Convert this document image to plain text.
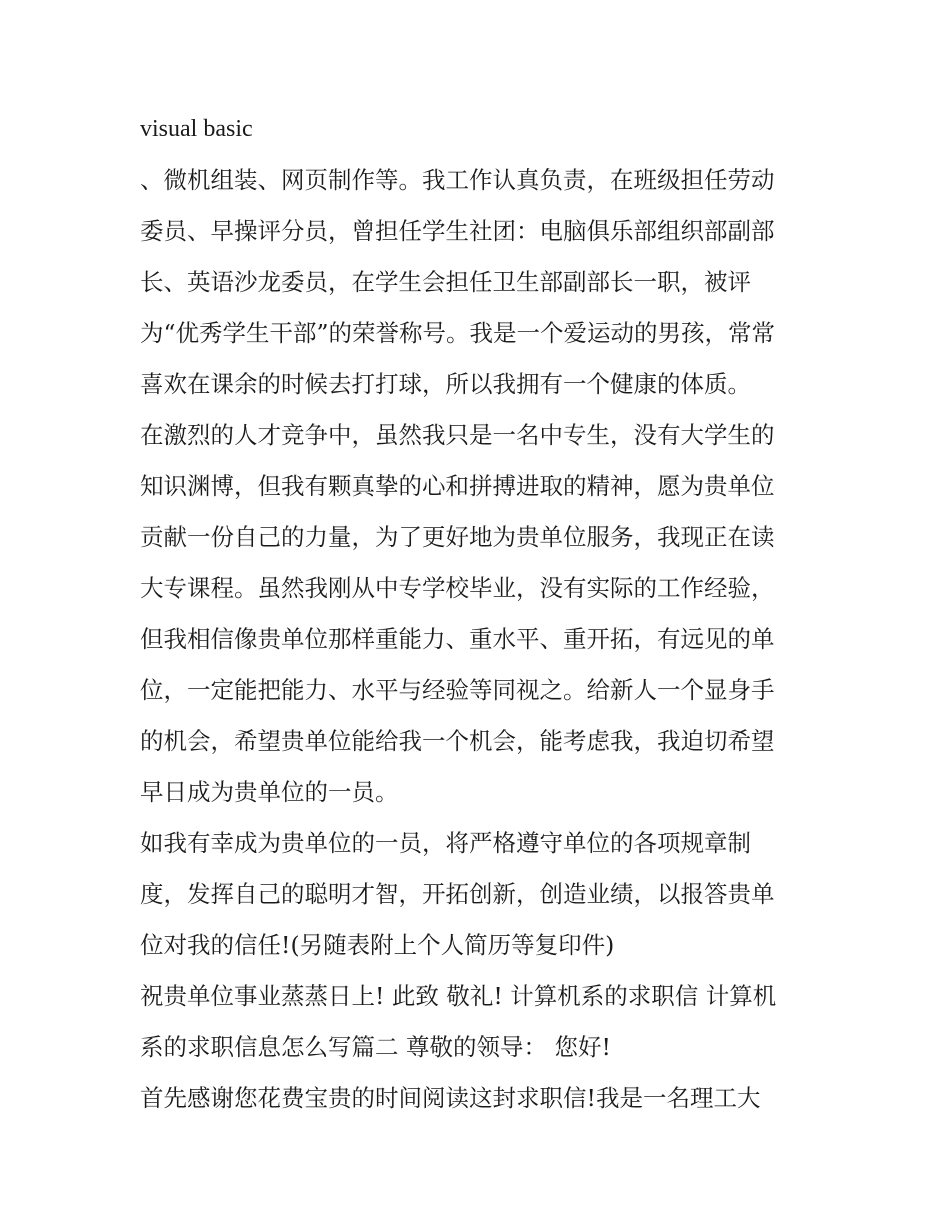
visual basic
、微机组装、网页制作等。我工作认真负责，在班级担任劳动
委员、早操评分员，曾担任学生社团：电脑俱乐部组织部副部
长、英语沙龙委员，在学生会担任卫生部副部长一职，被评
为“优秀学生干部”的荣誉称号。我是一个爱运动的男孩，常常
喜欢在课余的时候去打打球，所以我拥有一个健康的体质。
在激烈的人才竞争中，虽然我只是一名中专生，没有大学生的
知识渊博，但我有颗真挚的心和拼搏进取的精神，愿为贵单位
贡献一份自己的力量，为了更好地为贵单位服务，我现正在读
大专课程。虽然我刚从中专学校毕业，没有实际的工作经验，
但我相信像贵单位那样重能力、重水平、重开拓，有远见的单
位，一定能把能力、水平与经验等同视之。给新人一个显身手
的机会，希望贵单位能给我一个机会，能考虑我，我迫切希望
早日成为贵单位的一员。
如我有幸成为贵单位的一员，将严格遵守单位的各项规章制
度，发挥自己的聪明才智，开拓创新，创造业绩，以报答贵单
位对我的信任!(另随表附上个人简历等复印件)
祝贵单位事业蒸蒸日上! 此致 敬礼! 计算机系的求职信 计算机
系的求职信息怎么写篇二 尊敬的领导： 您好!
首先感谢您花费宝贵的时间阅读这封求职信!我是一名理工大
